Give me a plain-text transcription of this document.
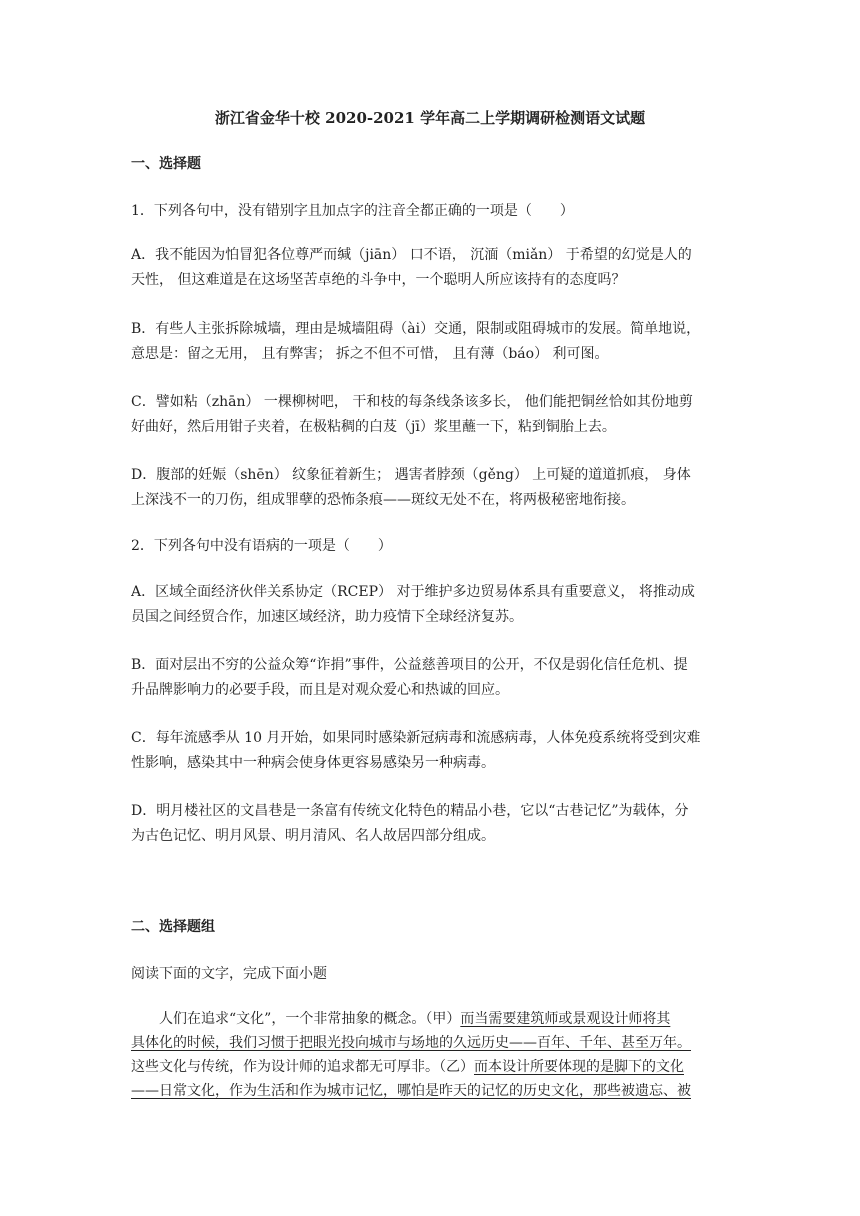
浙江省金华十校 2020-2021 学年高二上学期调研检测语文试题
一、选择题
1．下列各句中，没有错别字且加点字的注音全都正确的一项是（　　）
A．我不能因为怕冒犯各位尊严而缄（jiān） 口不语， 沉湎（miǎn） 于希望的幻觉是人的
天性， 但这难道是在这场坚苦卓绝的斗争中，一个聪明人所应该持有的态度吗？
B．有些人主张拆除城墙，理由是城墙阻碍（ài）交通，限制或阻碍城市的发展。简单地说，
意思是：留之无用， 且有弊害； 拆之不但不可惜， 且有薄（báo） 利可图。
C．譬如粘（zhān） 一棵柳树吧， 干和枝的每条线条该多长， 他们能把铜丝恰如其份地剪
好曲好，然后用钳子夹着，在极粘稠的白芨（jī）浆里蘸一下，粘到铜胎上去。
D．腹部的妊娠（shēn） 纹象征着新生； 遇害者脖颈（gěng） 上可疑的道道抓痕， 身体
上深浅不一的刀伤，组成罪孽的恐怖条痕——斑纹无处不在，将两极秘密地衔接。
2．下列各句中没有语病的一项是（　　）
A．区域全面经济伙伴关系协定（RCEP） 对于维护多边贸易体系具有重要意义， 将推动成
员国之间经贸合作，加速区域经济，助力疫情下全球经济复苏。
B．面对层出不穷的公益众筹“诈捐”事件，公益慈善项目的公开，不仅是弱化信任危机、提
升品牌影响力的必要手段，而且是对观众爱心和热诚的回应。
C．每年流感季从 10 月开始，如果同时感染新冠病毒和流感病毒，人体免疫系统将受到灾难
性影响，感染其中一种病会使身体更容易感染另一种病毒。
D．明月楼社区的文昌巷是一条富有传统文化特色的精品小巷，它以“古巷记忆”为载体，分
为古色记忆、明月风景、明月清风、名人故居四部分组成。
二、选择题组
阅读下面的文字，完成下面小题
人们在追求“文化”，一个非常抽象的概念。（甲）而当需要建筑师或景观设计师将其
具体化的时候，我们习惯于把眼光投向城市与场地的久远历史——百年、千年、甚至万年。
这些文化与传统，作为设计师的追求都无可厚非。（乙）而本设计所要体现的是脚下的文化
——日常文化，作为生活和作为城市记忆，哪怕是昨天的记忆的历史文化，那些被遗忘、被
